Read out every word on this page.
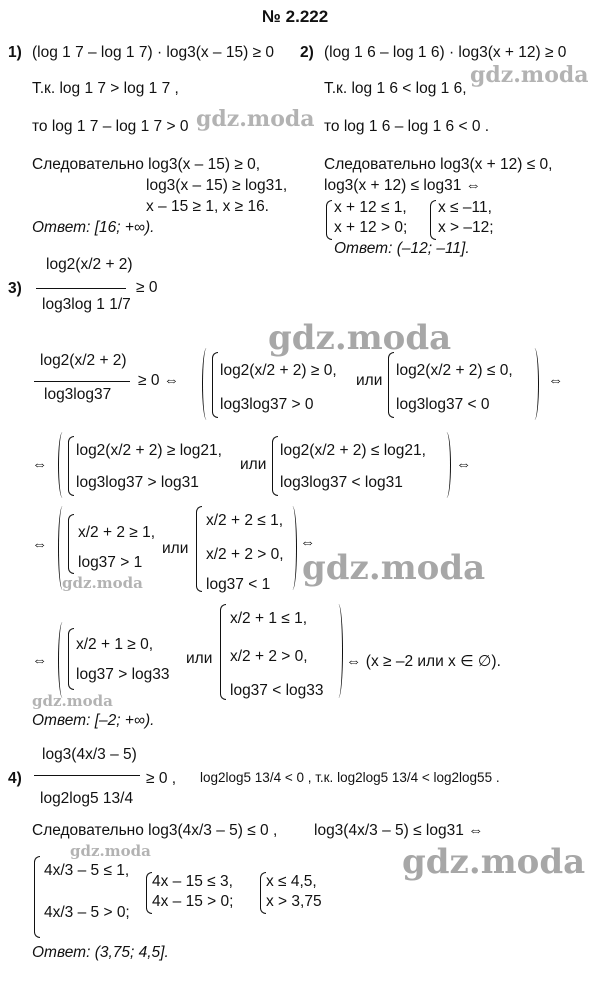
№ 2.222
gdz.moda
gdz.moda
gdz.moda
gdz.moda
gdz.moda
gdz.moda
gdz.moda	gdz.moda
1) (log 1 7 – log 1 7) · log3(x – 15) ≥ 0
Т.к. log 1 7 > log 1 7 ,
то log 1 7 – log 1 7 > 0
Следовательно log3(x – 15) ≥ 0,
log3(x – 15) ≥ log31,
x – 15 ≥ 1, x ≥ 16.
Ответ: [16; +∞).
2) (log 1 6 – log 1 6) · log3(x + 12) ≥ 0
Т.к. log 1 6 < log 1 6,
то log 1 6 – log 1 6 < 0 .
Следовательно log3(x + 12) ≤ 0,
log3(x + 12) ≤ log31 ⇔
x + 12 ≤ 1,
x + 12 > 0;
x ≤ –11,
x > –12;
Ответ: (–12; –11].
3)
log2(x/2 + 2)
log3log 1 1/7
≥ 0
log2(x/2 + 2)
log3log37
≥ 0 ⇔
log2(x/2 + 2) ≥ 0,
log3log37 > 0
или
log2(x/2 + 2) ≤ 0,
log3log37 < 0
⇔
⇔
log2(x/2 + 2) ≥ log21,
log3log37 > log31
или
log2(x/2 + 2) ≤ log21,
log3log37 < log31
⇔
⇔
x/2 + 2 ≥ 1,
log37 > 1
или
x/2 + 2 ≤ 1,
x/2 + 2 > 0,
log37 < 1
⇔
⇔
x/2 + 1 ≥ 0,
log37 > log33
или
x/2 + 1 ≤ 1,
x/2 + 2 > 0,
log37 < log33
⇔ (x ≥ –2 или x ∈ ∅).
Ответ: [–2; +∞).
4)
log3(4x/3 – 5)
log2log5 13/4
≥ 0 , log2log5 13/4 < 0 , т.к. log2log5 13/4 < log2log55 .
Следовательно log3(4x/3 – 5) ≤ 0 , log3(4x/3 – 5) ≤ log31 ⇔
4x/3 – 5 ≤ 1,
4x/3 – 5 > 0;
4x – 15 ≤ 3,
4x – 15 > 0;
x ≤ 4,5,
x > 3,75
Ответ: (3,75; 4,5].
